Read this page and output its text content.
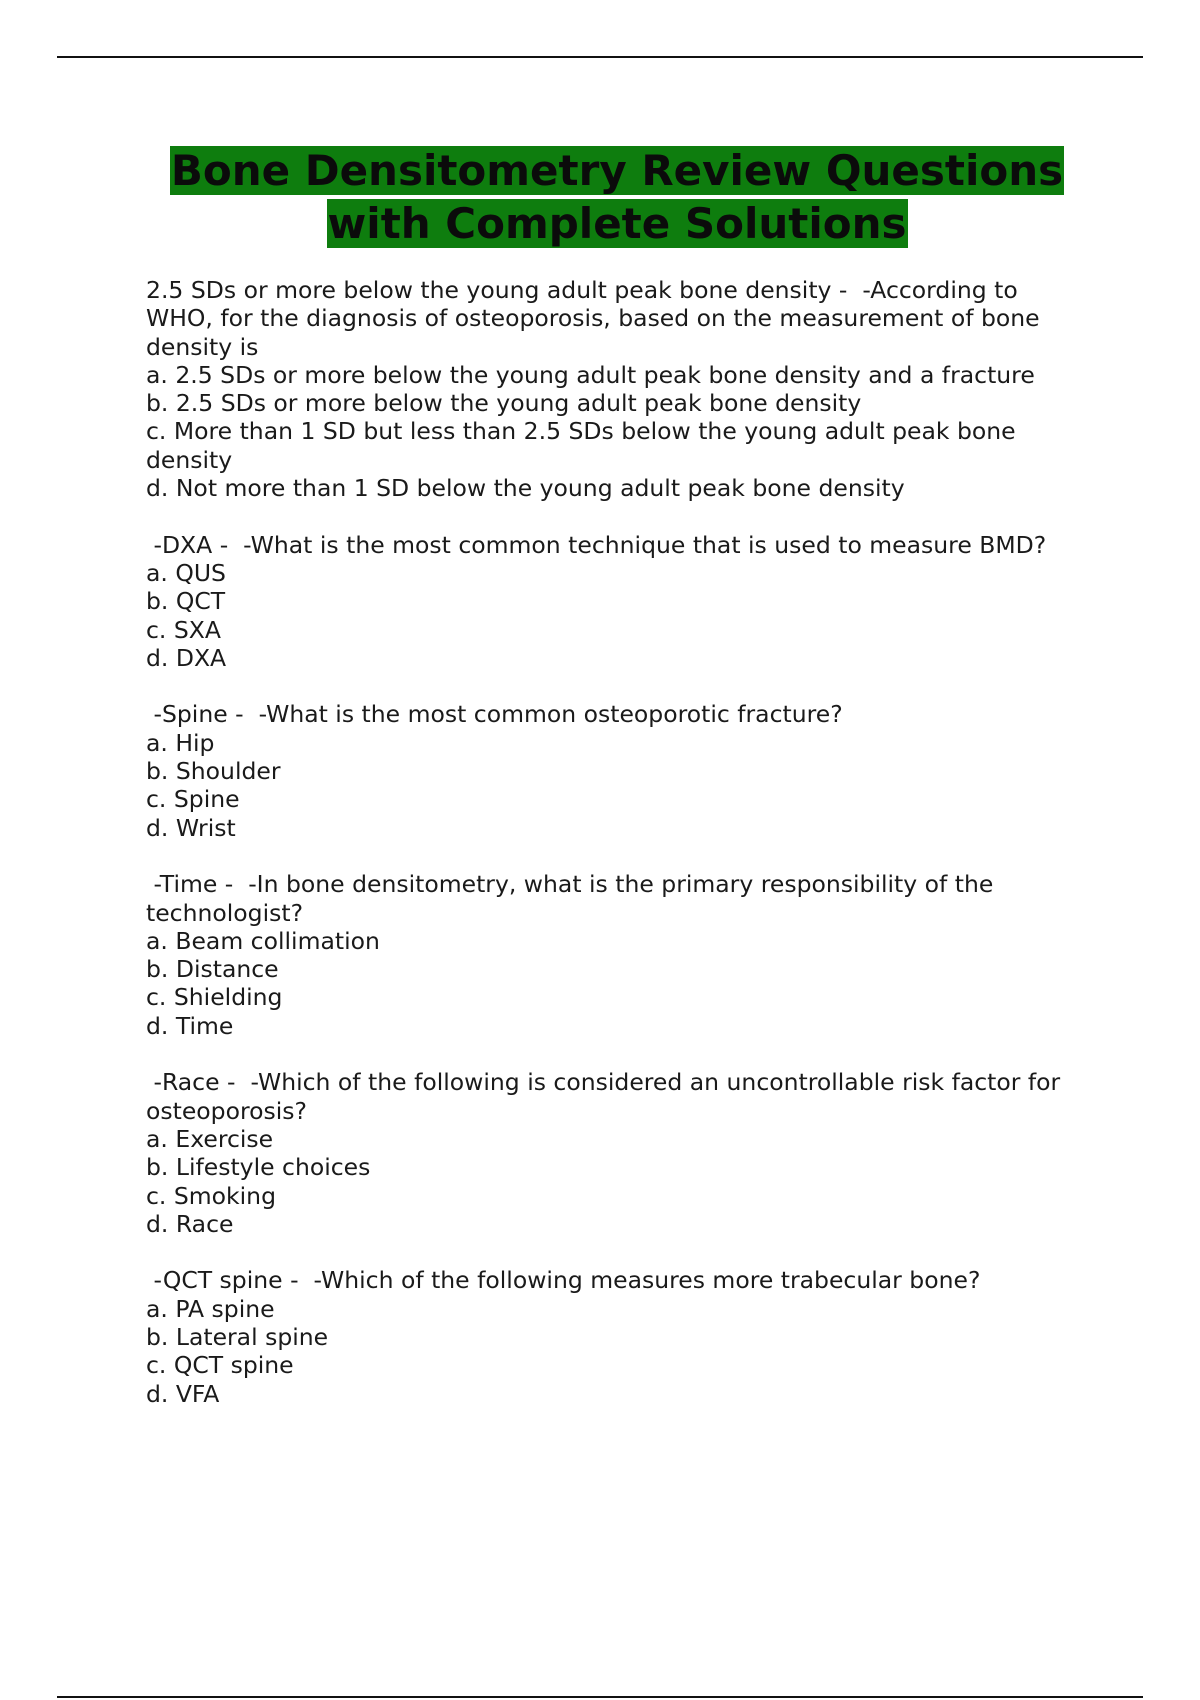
Bone Densitometry Review Questions
with Complete Solutions
2.5 SDs or more below the young adult peak bone density -  -According to WHO, for the diagnosis of osteoporosis, based on the measurement of bone density is
a. 2.5 SDs or more below the young adult peak bone density and a fracture
b. 2.5 SDs or more below the young adult peak bone density
c. More than 1 SD but less than 2.5 SDs below the young adult peak bone density
d. Not more than 1 SD below the young adult peak bone density
-DXA -  -What is the most common technique that is used to measure BMD?
a. QUS
b. QCT
c. SXA
d. DXA
-Spine -  -What is the most common osteoporotic fracture?
a. Hip
b. Shoulder
c. Spine
d. Wrist
-Time -  -In bone densitometry, what is the primary responsibility of the technologist?
a. Beam collimation
b. Distance
c. Shielding
d. Time
-Race -  -Which of the following is considered an uncontrollable risk factor for osteoporosis?
a. Exercise
b. Lifestyle choices
c. Smoking
d. Race
-QCT spine -  -Which of the following measures more trabecular bone?
a. PA spine
b. Lateral spine
c. QCT spine
d. VFA
